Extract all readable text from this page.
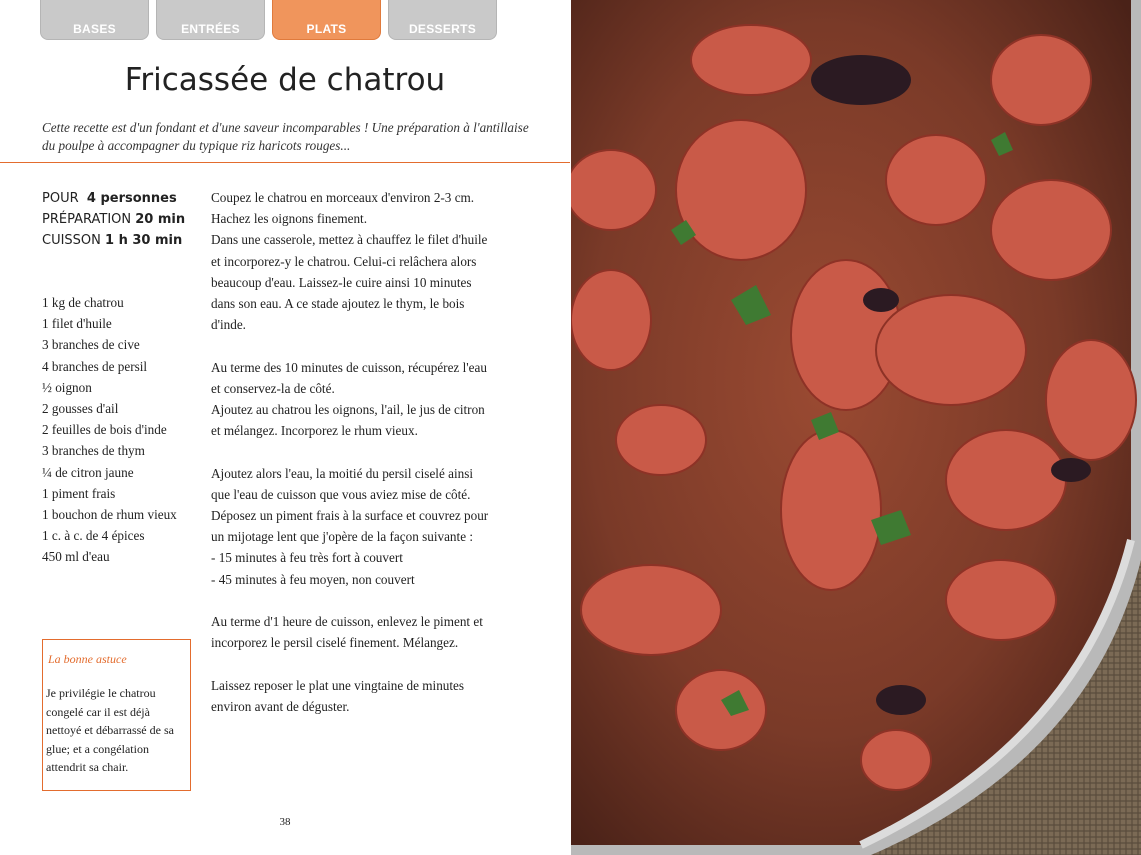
BASES	ENTRÉES	PLATS	DESSERTS
Fricassée de chatrou
Cette recette est d'un fondant et d'une saveur incomparables ! Une préparation à l'antillaise du poulpe à accompagner du typique riz haricots rouges...
POUR 4 personnes
PRÉPARATION 20 min
CUISSON 1 h 30 min
1 kg de chatrou
1 filet d'huile
3 branches de cive
4 branches de persil
½ oignon
2 gousses d'ail
2 feuilles de bois d'inde
3 branches de thym
¼ de citron jaune
1 piment frais
1 bouchon de rhum vieux
1 c. à c. de 4 épices
450 ml d'eau

Coupez le chatrou en morceaux d'environ 2-3 cm.
Hachez les oignons finement.
Dans une casserole, mettez à chauffez le filet d'huile
et incorporez-y le chatrou. Celui-ci relâchera alors
beaucoup d'eau. Laissez-le cuire ainsi 10 minutes
dans son eau. A ce stade ajoutez le thym, le bois
d'inde.

Au terme des 10 minutes de cuisson, récupérez l'eau
et conservez-la de côté.
Ajoutez au chatrou les oignons, l'ail, le jus de citron
et mélangez. Incorporez le rhum vieux.

Ajoutez alors l'eau, la moitié du persil ciselé ainsi
que l'eau de cuisson que vous aviez mise de côté.
Déposez un piment frais à la surface et couvrez pour
un mijotage lent que j'opère de la façon suivante :
- 15 minutes à feu très fort à couvert
- 45 minutes à feu moyen, non couvert

Au terme d'1 heure de cuisson, enlevez le piment et
incorporez le persil ciselé finement. Mélangez.

Laissez reposer le plat une vingtaine de minutes
environ avant de déguster.

La bonne astuce
Je privilégie le chatrou congelé car il est déjà nettoyé et débarrassé de sa glue; et a congélation attendrit sa chair.
38
